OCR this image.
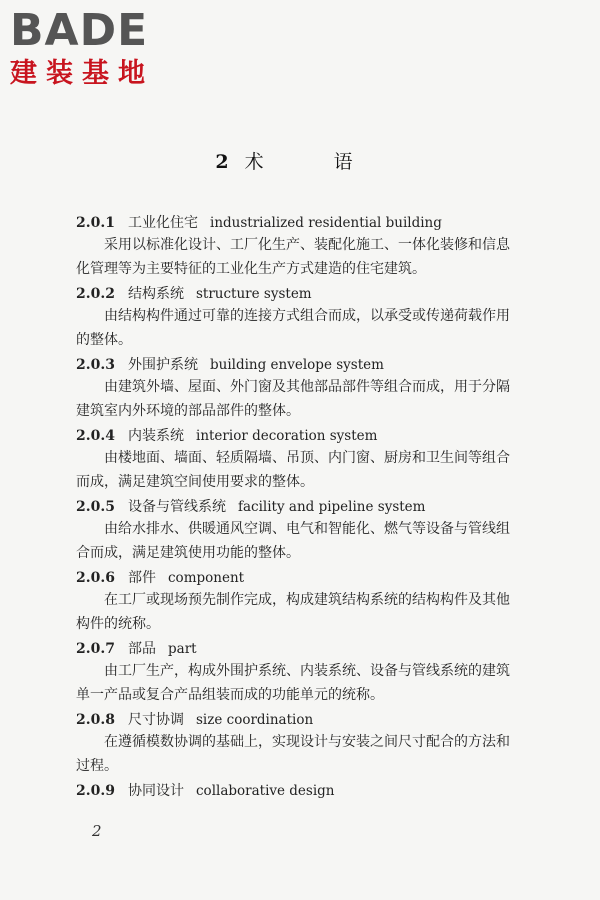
BADE
建装基地
2 术 语
2.0.1 工业化住宅 industrialized residential building

采用以标准化设计、工厂化生产、装配化施工、一体化装修和信息化管理等为主要特征的工业化生产方式建造的住宅建筑。

2.0.2 结构系统 structure system

由结构构件通过可靠的连接方式组合而成，以承受或传递荷载作用的整体。

2.0.3 外围护系统 building envelope system

由建筑外墙、屋面、外门窗及其他部品部件等组合而成，用于分隔建筑室内外环境的部品部件的整体。

2.0.4 内装系统 interior decoration system

由楼地面、墙面、轻质隔墙、吊顶、内门窗、厨房和卫生间等组合而成，满足建筑空间使用要求的整体。

2.0.5 设备与管线系统 facility and pipeline system

由给水排水、供暖通风空调、电气和智能化、燃气等设备与管线组合而成，满足建筑使用功能的整体。

2.0.6 部件 component

在工厂或现场预先制作完成，构成建筑结构系统的结构构件及其他构件的统称。

2.0.7 部品 part

由工厂生产，构成外围护系统、内装系统、设备与管线系统的建筑单一产品或复合产品组装而成的功能单元的统称。

2.0.8 尺寸协调 size coordination

在遵循模数协调的基础上，实现设计与安装之间尺寸配合的方法和过程。

2.0.9 协同设计 collaborative design
2
